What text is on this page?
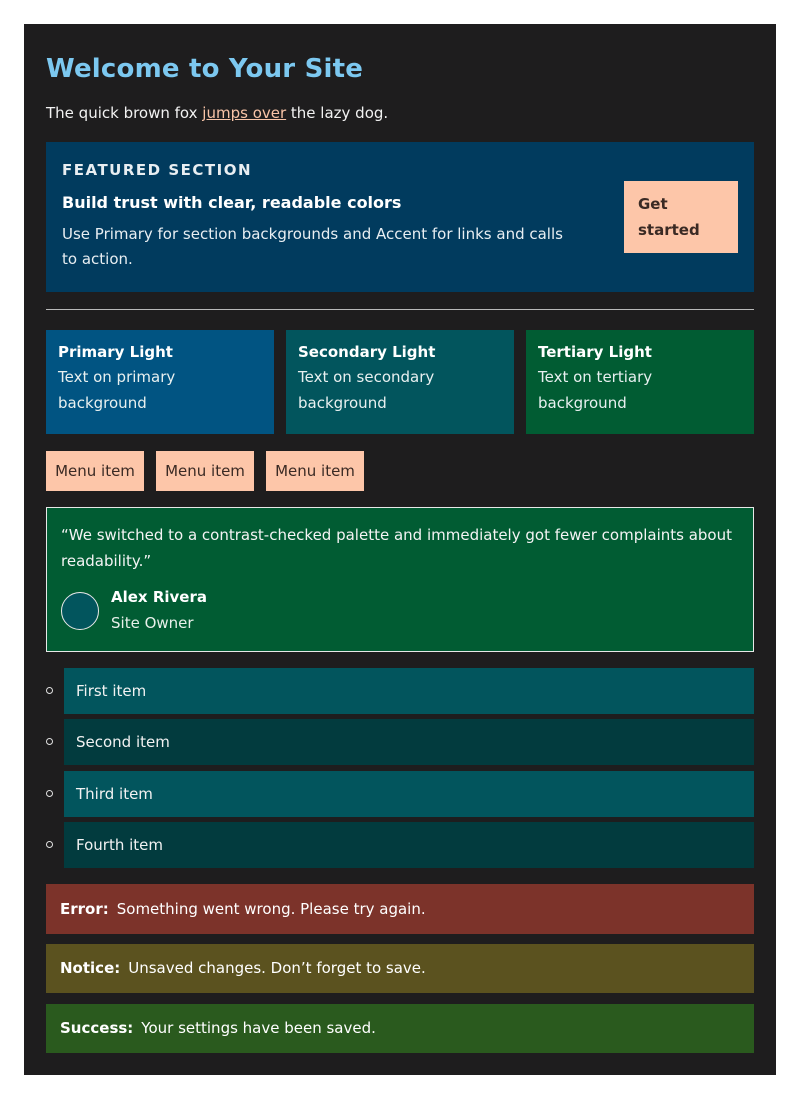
Welcome to Your Site
The quick brown fox jumps over the lazy dog.
FEATURED SECTION
Build trust with clear, readable colors
Use Primary for section backgrounds and Accent for links and calls to action.
Get started
Primary Light
Text on primary background
Secondary Light
Text on secondary background
Tertiary Light
Text on tertiary background
Menu item	Menu item	Menu item
“We switched to a contrast-checked palette and immediately got fewer complaints about readability.”
Alex Rivera
Site Owner
First item
Second item
Third item
Fourth item
Error: Something went wrong. Please try again.
Notice: Unsaved changes. Don’t forget to save.
Success: Your settings have been saved.
